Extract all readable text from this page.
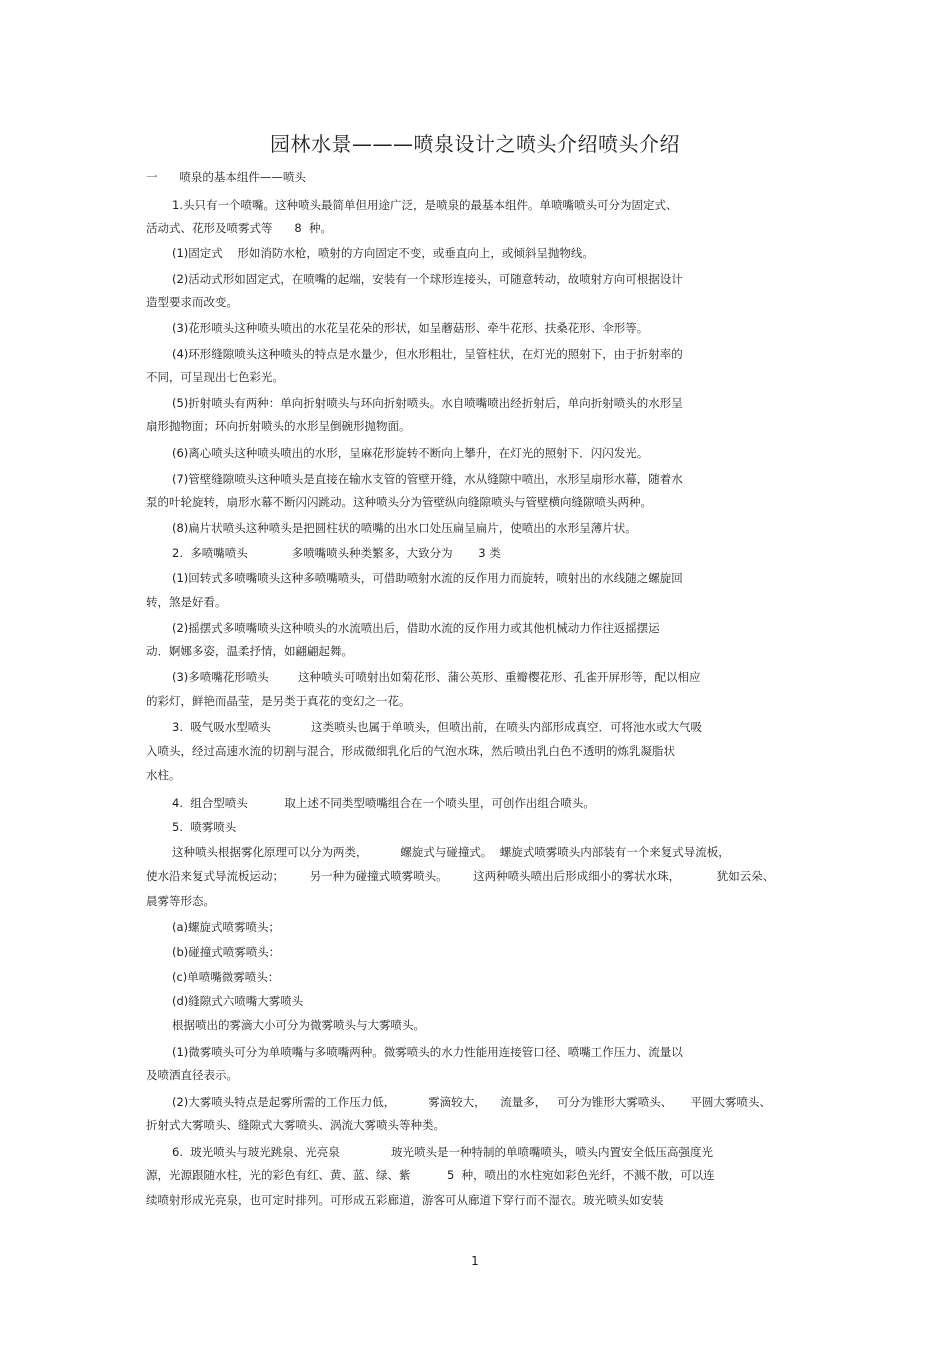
园林水景———喷泉设计之喷头介绍喷头介绍
一      喷泉的基本组件——喷头
1.头只有一个喷嘴。这种喷头最简单但用途广泛，是喷泉的最基本组件。单喷嘴喷头可分为固定式、
活动式、花形及喷雾式等      8  种。
(1)固定式    形如消防水枪，喷射的方向固定不变，或垂直向上，或倾斜呈抛物线。
(2)活动式形如固定式，在喷嘴的起端，安装有一个球形连接头，可随意转动，故喷射方向可根据设计
造型要求而改变。
(3)花形喷头这种喷头喷出的水花呈花朵的形状，如呈蘑菇形、牵牛花形、扶桑花形、伞形等。
(4)环形缝隙喷头这种喷头的特点是水量少，但水形粗壮，呈管柱状，在灯光的照射下，由于折射率的
不同，可呈现出七色彩光。
(5)折射喷头有两种：单向折射喷头与环向折射喷头。水自喷嘴喷出经折射后，单向折射喷头的水形呈
扇形抛物面；环向折射喷头的水形呈倒碗形抛物面。
(6)离心喷头这种喷头喷出的水形，呈麻花形旋转不断向上攀升，在灯光的照射下．闪闪发光。
(7)管壁缝隙喷头这种喷头是直接在输水支管的管壁开缝，水从缝隙中喷出，水形呈扇形水幕，随着水
泵的叶轮旋转，扇形水幕不断闪闪跳动。这种喷头分为管壁纵向缝隙喷头与管壁横向缝隙喷头两种。
(8)扁片状喷头这种喷头是把圆柱状的喷嘴的出水口处压扁呈扁片，使喷出的水形呈薄片状。
2.  多喷嘴喷头            多喷嘴喷头种类繁多，大致分为       3 类
(1)回转式多喷嘴喷头这种多喷嘴喷头，可借助喷射水流的反作用力而旋转，喷射出的水线随之螺旋回
转，煞是好看。
(2)摇摆式多喷嘴喷头这种喷头的水流喷出后，借助水流的反作用力或其他机械动力作往返摇摆运
动．婀娜多姿，温柔抒情，如翩翩起舞。
(3)多喷嘴花形喷头        这种喷头可喷射出如菊花形、蒲公英形、重瓣樱花形、孔雀开屏形等，配以相应
的彩灯，鲜艳而晶莹，是另类于真花的变幻之一花。
3.  吸气吸水型喷头           这类喷头也属于单喷头，但喷出前，在喷头内部形成真空．可将池水或大气吸
入喷头，经过高速水流的切割与混合，形成微细乳化后的气泡水珠，然后喷出乳白色不透明的炼乳凝脂状
水柱。
4.  组合型喷头          取上述不同类型喷嘴组合在一个喷头里，可创作出组合喷头。
5.  喷雾喷头
这种喷头根据雾化原理可以分为两类，         螺旋式与碰撞式。  螺旋式喷雾喷头内部装有一个来复式导流板，
使水沿来复式导流板运动；       另一种为碰撞式喷雾喷头。       这两种喷头喷出后形成细小的雾状水珠，          犹如云朵、
晨雾等形态。
(a)螺旋式喷雾喷头；
(b)碰撞式喷雾喷头：
(c)单喷嘴微雾喷头：
(d)缝隙式六喷嘴大雾喷头
根据喷出的雾滴大小可分为微雾喷头与大雾喷头。
(1)微雾喷头可分为单喷嘴与多喷嘴两种。微雾喷头的水力性能用连接管口径、喷嘴工作压力、流量以
及喷洒直径表示。
(2)大雾喷头特点是起雾所需的工作压力低，         雾滴较大，    流量多，   可分为锥形大雾喷头、     平圆大雾喷头、
折射式大雾喷头、缝隙式大雾喷头、涡流大雾喷头等种类。
6.  玻光喷头与玻光跳泉、光亮泉              玻光喷头是一种特制的单喷嘴喷头，喷头内置安全低压高强度光
源，光源跟随水柱，光的彩色有红、黄、蓝、绿、紫          5  种，喷出的水柱宛如彩色光纤，不溅不散，可以连
续喷射形成光亮泉，也可定时排列。可形成五彩廊道，游客可从廊道下穿行而不湿衣。玻光喷头如安装
1
